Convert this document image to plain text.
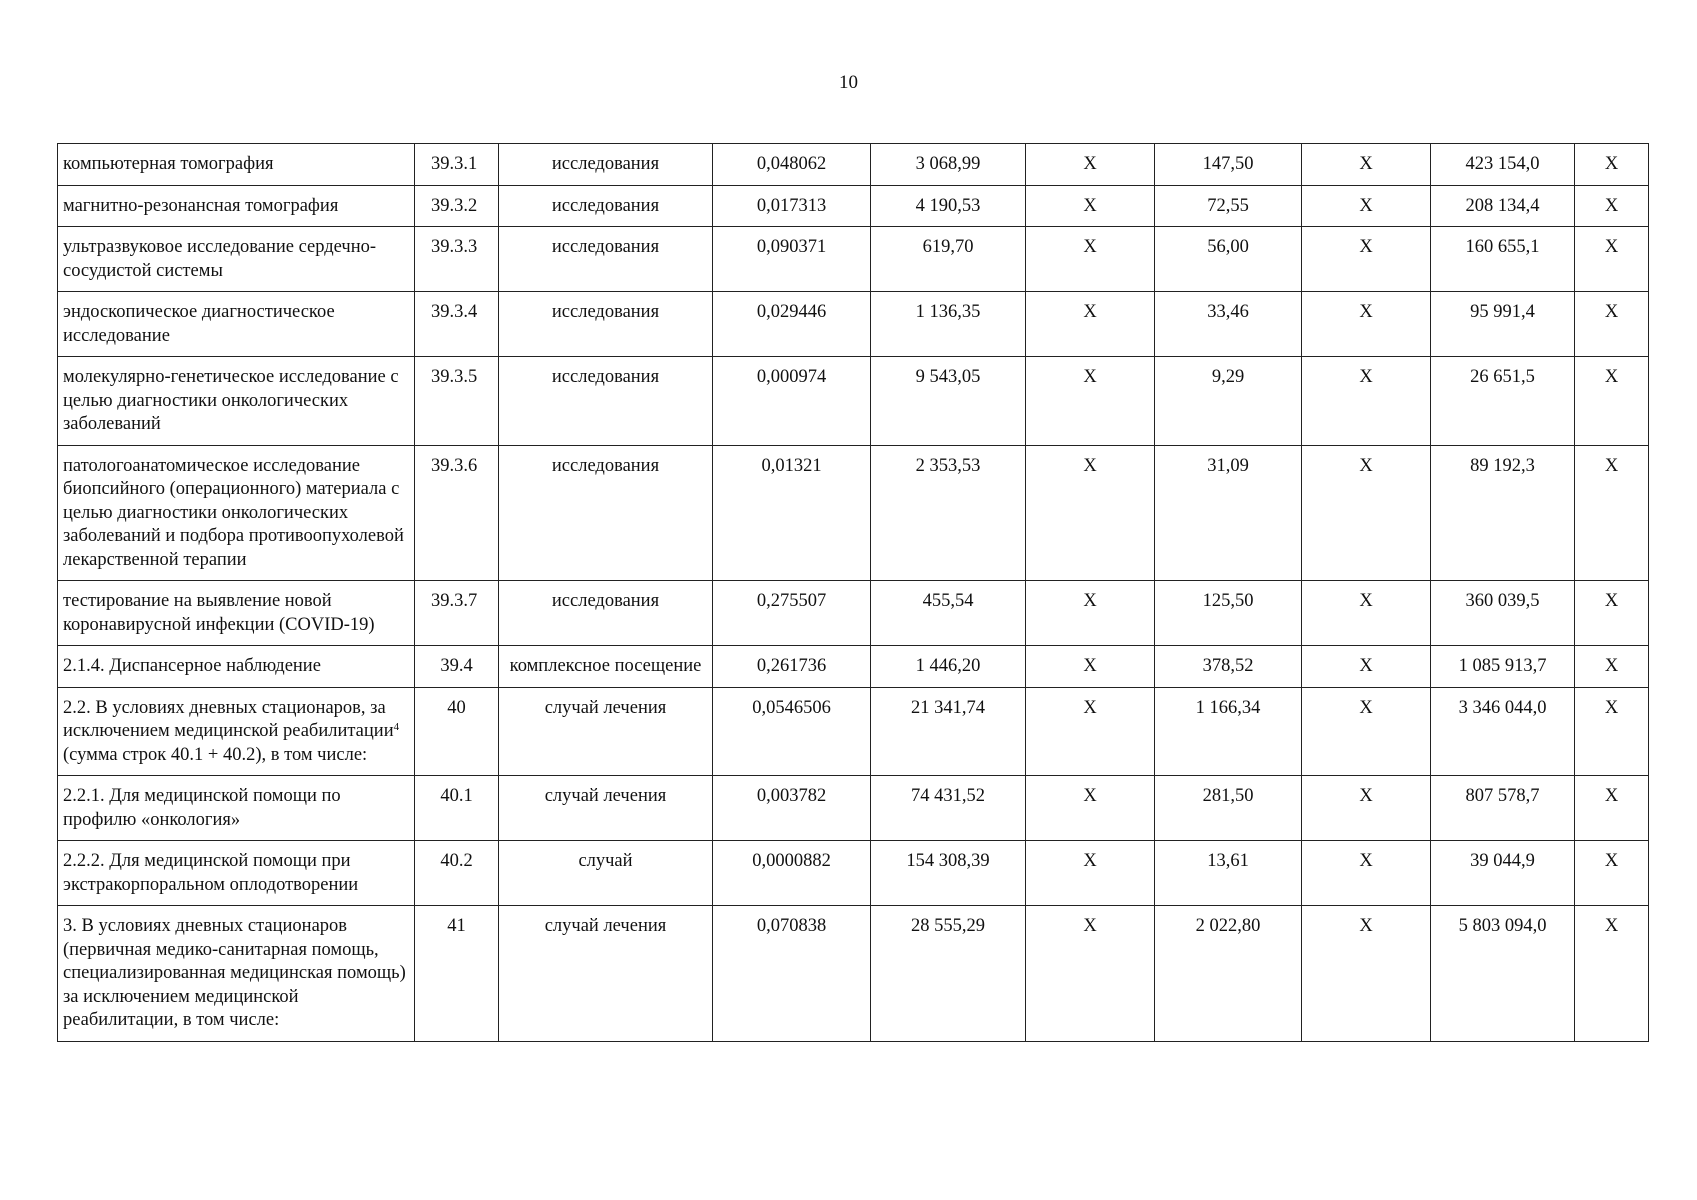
10
компьютерная томография	39.3.1	исследования	0,048062	3 068,99	Х	147,50	Х	423 154,0	Х
магнитно-резонансная томография	39.3.2	исследования	0,017313	4 190,53	Х	72,55	Х	208 134,4	Х
ультразвуковое исследование сердечно-сосудистой системы	39.3.3	исследования	0,090371	619,70	Х	56,00	Х	160 655,1	Х
эндоскопическое диагностическое исследование	39.3.4	исследования	0,029446	1 136,35	Х	33,46	Х	95 991,4	Х
молекулярно-генетическое исследование с целью диагностики онкологических заболеваний	39.3.5	исследования	0,000974	9 543,05	Х	9,29	Х	26 651,5	Х
патологоанатомическое исследование биопсийного (операционного) материала с целью диагностики онкологических заболеваний и подбора противоопухолевой лекарственной терапии	39.3.6	исследования	0,01321	2 353,53	Х	31,09	Х	89 192,3	Х
тестирование на выявление новой коронавирусной инфекции (COVID-19)	39.3.7	исследования	0,275507	455,54	Х	125,50	Х	360 039,5	Х
2.1.4. Диспансерное наблюдение	39.4	комплексное посещение	0,261736	1 446,20	Х	378,52	Х	1 085 913,7	Х
2.2. В условиях дневных стационаров, за исключением медицинской реабилитации$^4$ (сумма строк 40.1 + 40.2), в том числе:	40	случай лечения	0,0546506	21 341,74	Х	1 166,34	Х	3 346 044,0	Х
2.2.1. Для медицинской помощи по профилю «онкология»	40.1	случай лечения	0,003782	74 431,52	Х	281,50	Х	807 578,7	Х
2.2.2. Для медицинской помощи при экстракорпоральном оплодотворении	40.2	случай	0,0000882	154 308,39	Х	13,61	Х	39 044,9	Х
3. В условиях дневных стационаров (первичная медико-санитарная помощь, специализированная медицинская помощь) за исключением медицинской реабилитации, в том числе:	41	случай лечения	0,070838	28 555,29	Х	2 022,80	Х	5 803 094,0	Х
